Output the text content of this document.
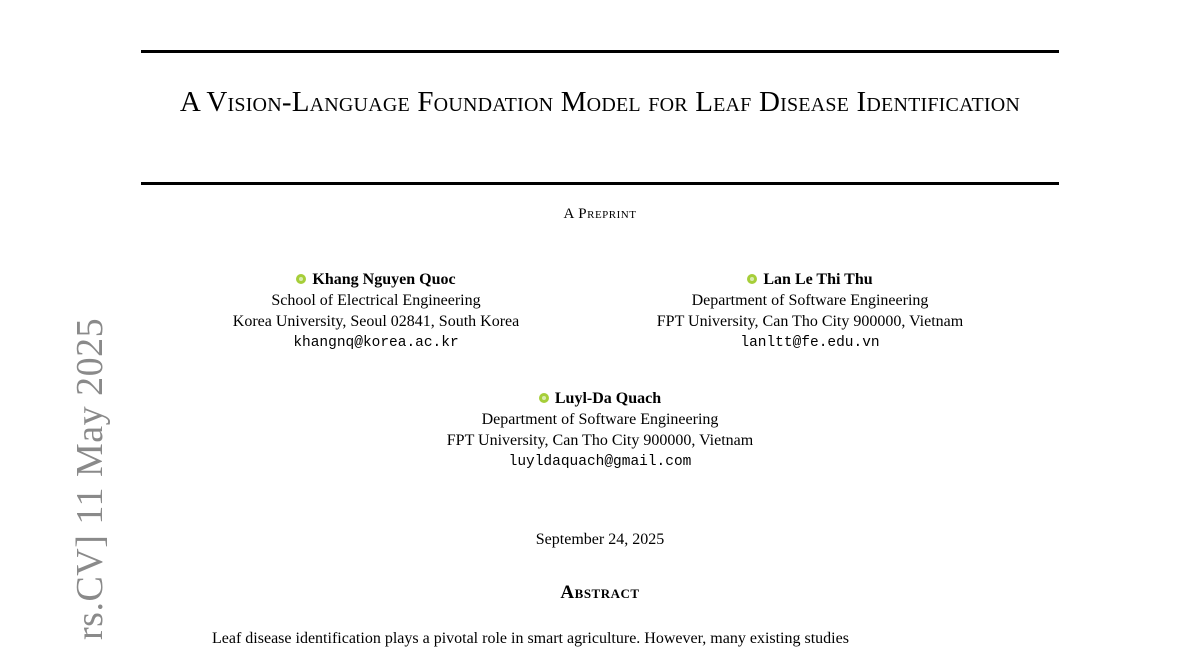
A Vision-Language Foundation Model for Leaf Disease Identification
A Preprint
Khang Nguyen Quoc
School of Electrical Engineering
Korea University, Seoul 02841, South Korea
khangnq@korea.ac.kr
Lan Le Thi Thu
Department of Software Engineering
FPT University, Can Tho City 900000, Vietnam
lanltt@fe.edu.vn
Luyl-Da Quach
Department of Software Engineering
FPT University, Can Tho City 900000, Vietnam
luyldaquach@gmail.com
September 24, 2025
Abstract
Leaf disease identification plays a pivotal role in smart agriculture. However, many existing studies
rs.CV] 11 May 2025
